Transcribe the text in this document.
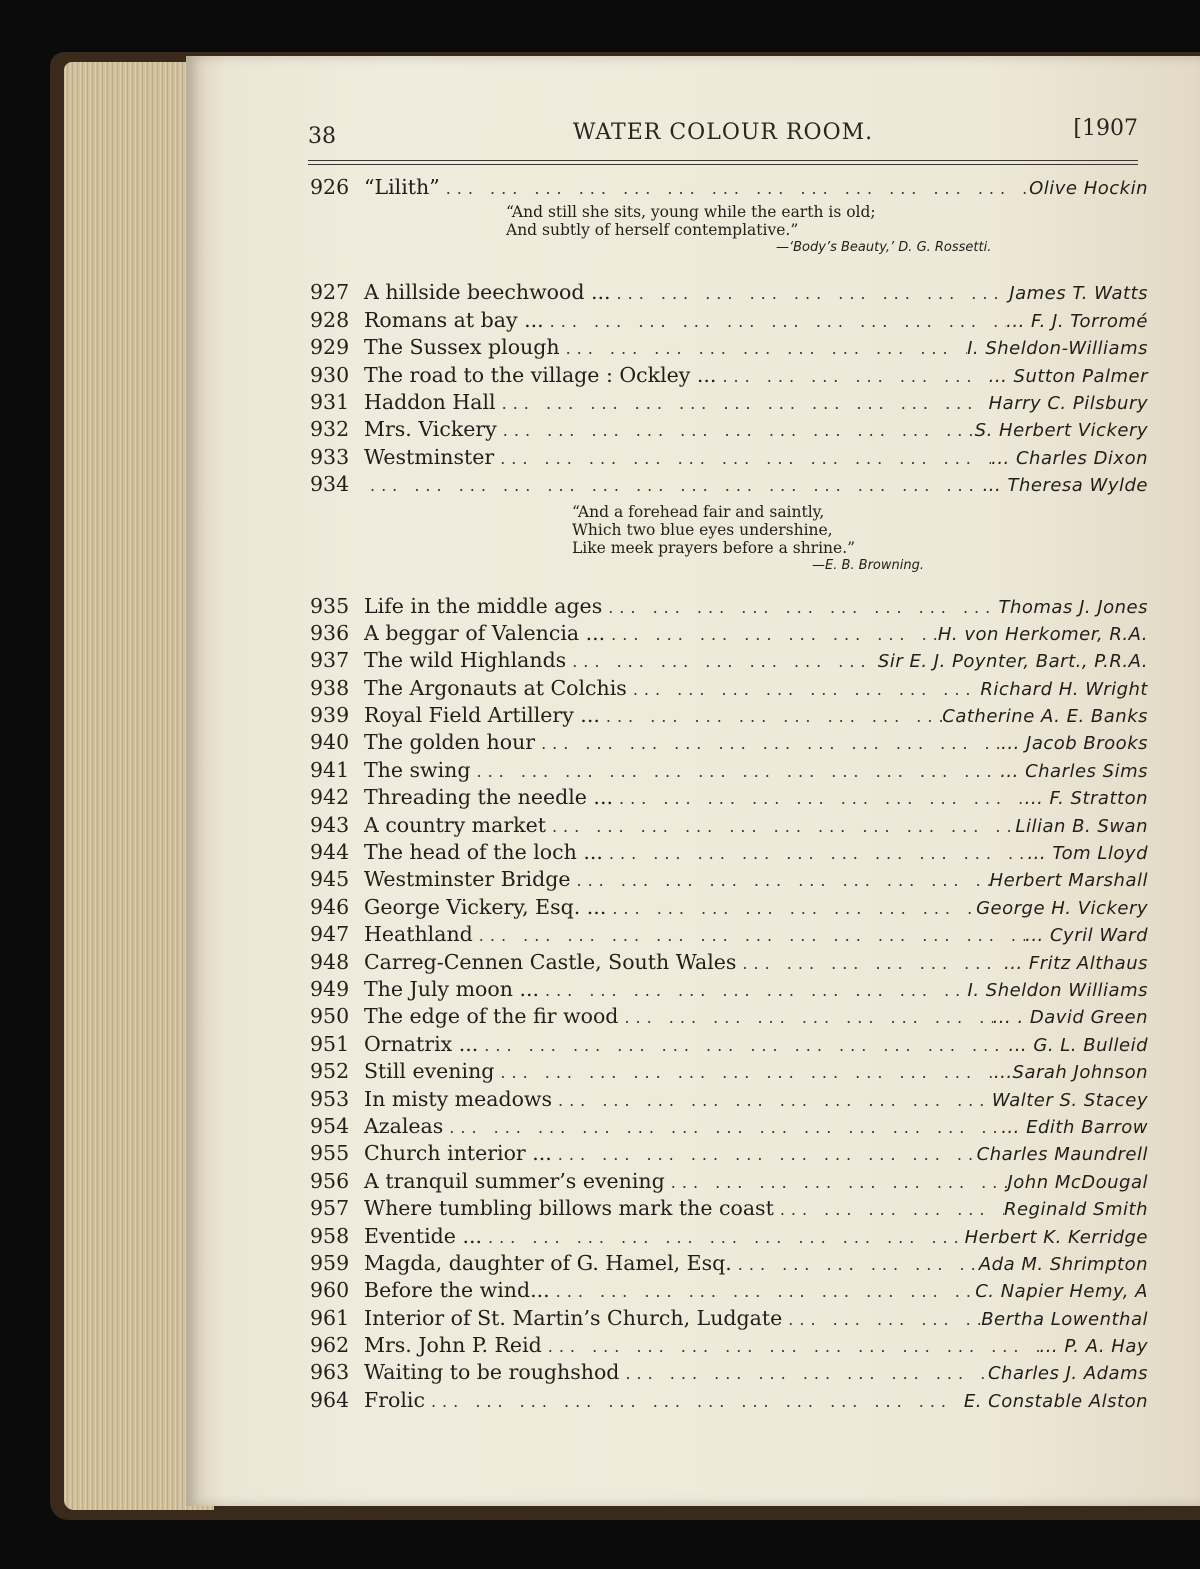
38	WATER COLOUR ROOM.	[1907
926 “Lilith” ... .	Olive Hockin
“And still she sits, young while the earth is old;
And subtly of herself contemplative.”
—‘Body’s Beauty,’ D. G. Rossetti.
927 A hillside beechwood ... ... .	James T. Watts
928 Romans at bay ... ... .	... F. J. Torromé
929 The Sussex plough ... .	I. Sheldon-Williams
930 The road to the village : Ockley ... ... .	... Sutton Palmer
931 Haddon Hall ... .	Harry C. Pilsbury
932 Mrs. Vickery ... .	S. Herbert Vickery
933 Westminster ... .	... Charles Dixon
934 ... .	... Theresa Wylde
“And a forehead fair and saintly,
Which two blue eyes undershine,
Like meek prayers before a shrine.”
—E. B. Browning.
935 Life in the middle ages ... .	Thomas J. Jones
936 A beggar of Valencia ... ... .	H. von Herkomer, R.A.
937 The wild Highlands ... .	Sir E. J. Poynter, Bart., P.R.A.
938 The Argonauts at Colchis ... .	Richard H. Wright
939 Royal Field Artillery ... ... .	Catherine A. E. Banks
940 The golden hour ... .	... Jacob Brooks
941 The swing ... .	... Charles Sims
942 Threading the needle ... ... .	... F. Stratton
943 A country market ... .	Lilian B. Swan
944 The head of the loch ... ... .	... Tom Lloyd
945 Westminster Bridge ... .	Herbert Marshall
946 George Vickery, Esq. ... ... .	George H. Vickery
947 Heathland ... .	... Cyril Ward
948 Carreg-Cennen Castle, South Wales ... .	... Fritz Althaus
949 The July moon ... ... .	I. Sheldon Williams
950 The edge of the fir wood ... .	... . David Green
951 Ornatrix ... ... .	... G. L. Bulleid
952 Still evening ... .	...Sarah Johnson
953 In misty meadows ... .	Walter S. Stacey
954 Azaleas ... .	... Edith Barrow
955 Church interior ... ... .	Charles Maundrell
956 A tranquil summer’s evening ... .	John McDougal
957 Where tumbling billows mark the coast ... .	Reginald Smith
958 Eventide ... ... .	Herbert K. Kerridge
959 Magda, daughter of G. Hamel, Esq. ... .	Ada M. Shrimpton
960 Before the wind... ... .	C. Napier Hemy, A
961 Interior of St. Martin’s Church, Ludgate ... .	Bertha Lowenthal
962 Mrs. John P. Reid ... .	... P. A. Hay
963 Waiting to be roughshod ... .	Charles J. Adams
964 Frolic ... .	E. Constable Alston
